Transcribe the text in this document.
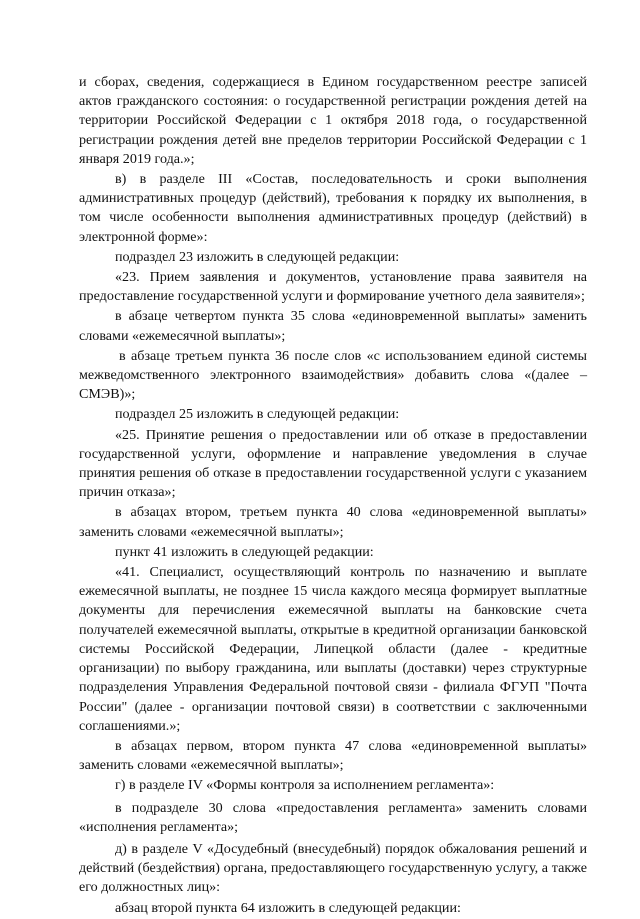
и сборах, сведения, содержащиеся в Едином государственном реестре записей актов гражданского состояния: о государственной регистрации рождения детей на территории Российской Федерации с 1 октября 2018 года, о государственной регистрации рождения детей вне пределов территории Российской Федерации с 1 января 2019 года.»;

в) в разделе III «Состав, последовательность и сроки выполнения административных процедур (действий), требования к порядку их выполнения, в том числе особенности выполнения административных процедур (действий) в электронной форме»:

подраздел 23 изложить в следующей редакции:

«23. Прием заявления и документов, установление права заявителя на предоставление государственной услуги и формирование учетного дела заявителя»;

в абзаце четвертом пункта 35 слова «единовременной выплаты» заменить словами «ежемесячной выплаты»;

в абзаце третьем пункта 36 после слов «с использованием единой системы межведомственного электронного взаимодействия» добавить слова «(далее – СМЭВ)»;

подраздел 25 изложить в следующей редакции:

«25. Принятие решения о предоставлении или об отказе в предоставлении государственной услуги, оформление и направление уведомления в случае принятия решения об отказе в предоставлении государственной услуги с указанием причин отказа»;

в абзацах втором, третьем пункта 40 слова «единовременной выплаты» заменить словами «ежемесячной выплаты»;

пункт 41 изложить в следующей редакции:

«41. Специалист, осуществляющий контроль по назначению и выплате ежемесячной выплаты, не позднее 15 числа каждого месяца формирует выплатные документы для перечисления ежемесячной выплаты на банковские счета получателей ежемесячной выплаты, открытые в кредитной организации банковской системы Российской Федерации, Липецкой области (далее - кредитные организации) по выбору гражданина, или выплаты (доставки) через структурные подразделения Управления Федеральной почтовой связи - филиала ФГУП "Почта России" (далее - организации почтовой связи) в соответствии с заключенными соглашениями.»;

в абзацах первом, втором пункта 47 слова «единовременной выплаты» заменить словами «ежемесячной выплаты»;

г) в разделе IV «Формы контроля за исполнением регламента»:

в подразделе 30 слова «предоставления регламента» заменить словами «исполнения регламента»;

д) в разделе V «Досудебный (внесудебный) порядок обжалования решений и действий (бездействия) органа, предоставляющего государственную услугу, а также его должностных лиц»:

абзац второй пункта 64 изложить в следующей редакции:
